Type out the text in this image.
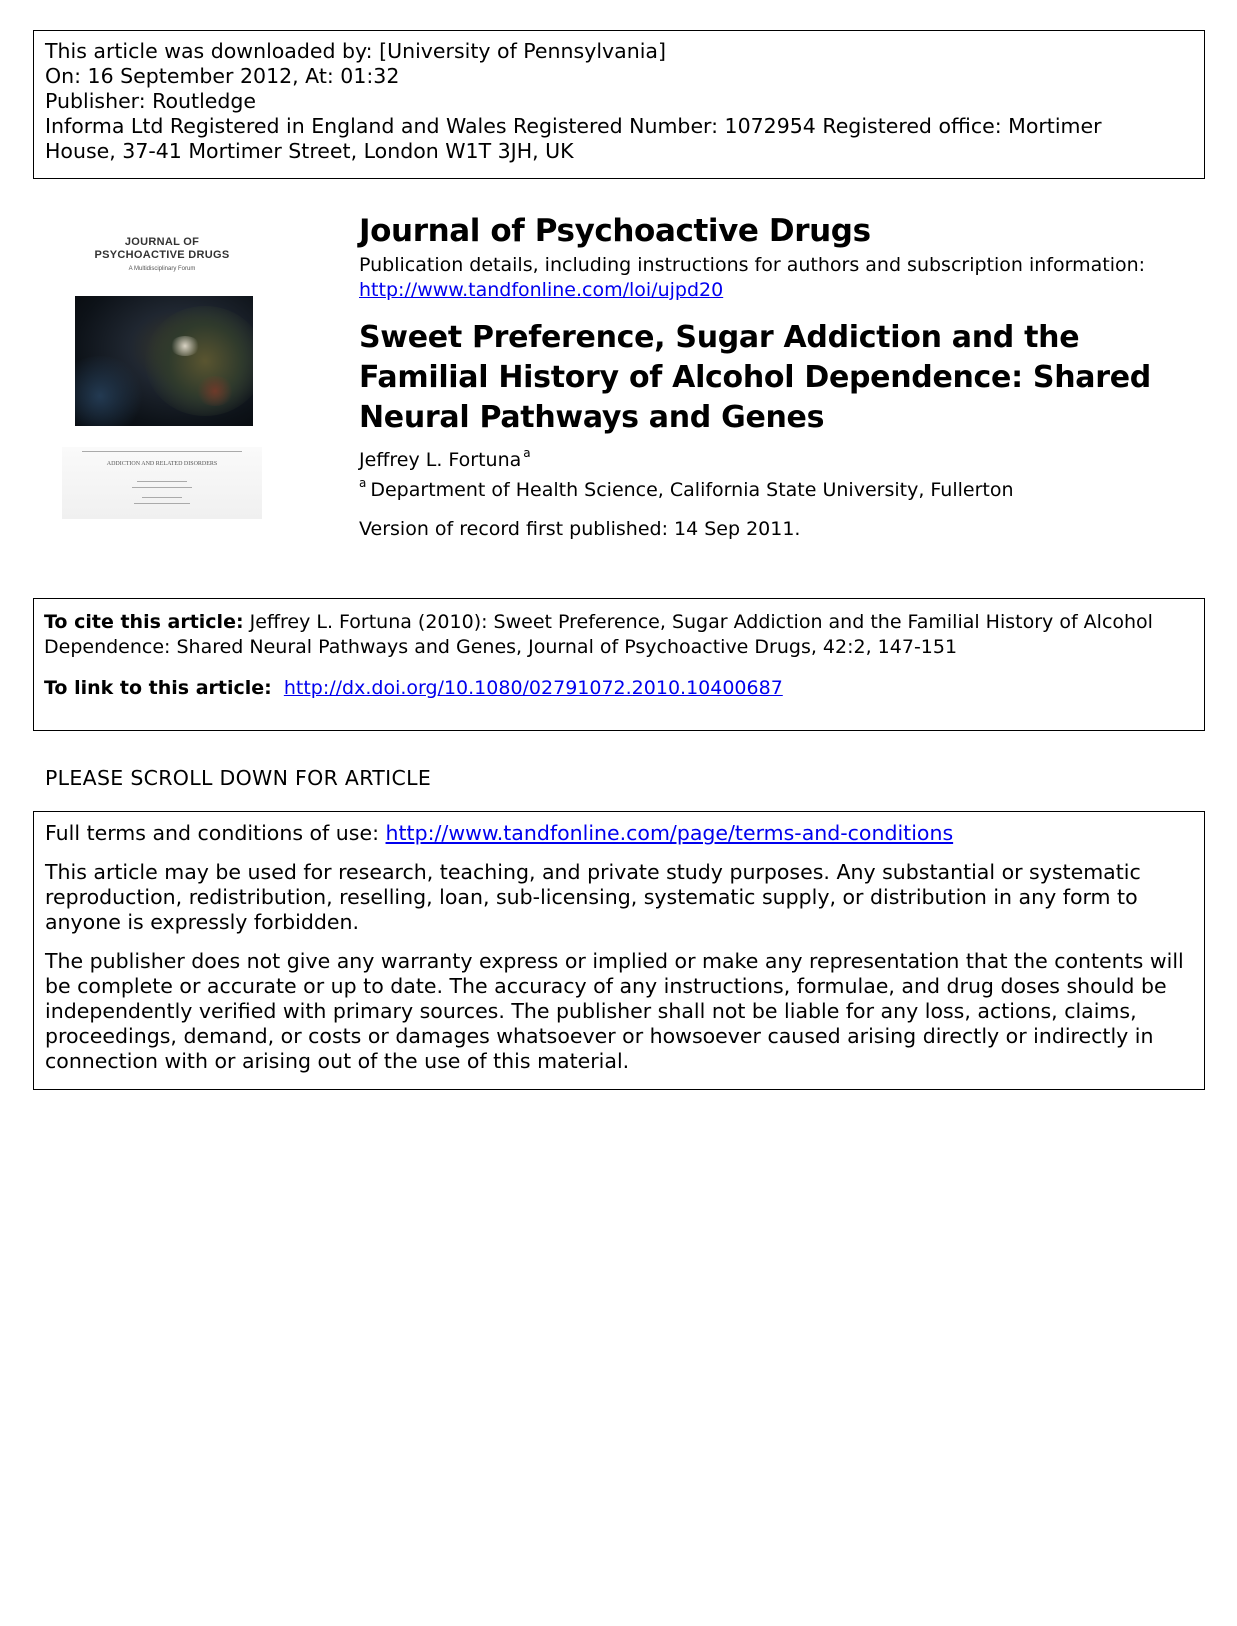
This article was downloaded by: [University of Pennsylvania]
On: 16 September 2012, At: 01:32
Publisher: Routledge
Informa Ltd Registered in England and Wales Registered Number: 1072954 Registered office: Mortimer
House, 37-41 Mortimer Street, London W1T 3JH, UK
JOURNAL OF
PSYCHOACTIVE DRUGS
A Multidisciplinary Forum
ADDICTION AND RELATED DISORDERS
Journal of Psychoactive Drugs
Publication details, including instructions for authors and subscription information:
http://www.tandfonline.com/loi/ujpd20
Sweet Preference, Sugar Addiction and the Familial History of Alcohol Dependence: Shared Neural Pathways and Genes
Jeffrey L. Fortuna $^a$
$^a$ Department of Health Science, California State University, Fullerton
Version of record first published: 14 Sep 2011.
To cite this article: Jeffrey L. Fortuna (2010): Sweet Preference, Sugar Addiction and the Familial History of Alcohol Dependence: Shared Neural Pathways and Genes, Journal of Psychoactive Drugs, 42:2, 147-151
To link to this article: http://dx.doi.org/10.1080/02791072.2010.10400687
PLEASE SCROLL DOWN FOR ARTICLE

Full terms and conditions of use: http://www.tandfonline.com/page/terms-and-conditions

This article may be used for research, teaching, and private study purposes. Any substantial or systematic reproduction, redistribution, reselling, loan, sub-licensing, systematic supply, or distribution in any form to anyone is expressly forbidden.

The publisher does not give any warranty express or implied or make any representation that the contents will be complete or accurate or up to date. The accuracy of any instructions, formulae, and drug doses should be independently verified with primary sources. The publisher shall not be liable for any loss, actions, claims, proceedings, demand, or costs or damages whatsoever or howsoever caused arising directly or indirectly in connection with or arising out of the use of this material.
